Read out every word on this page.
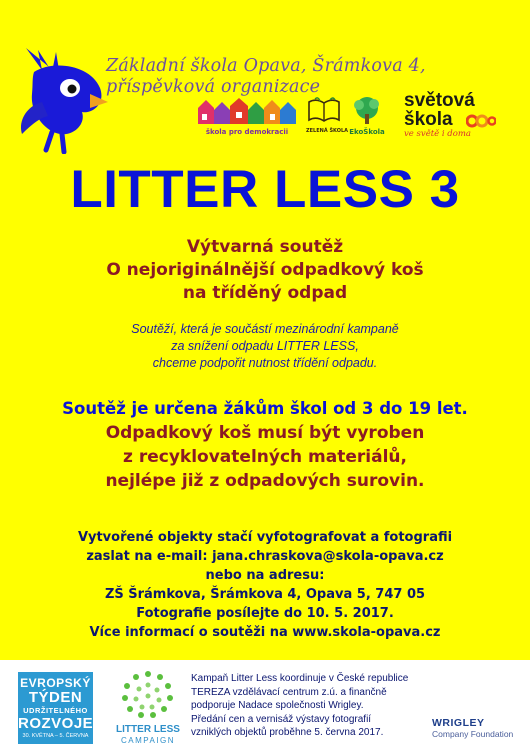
Základní škola Opava, Šrámkova 4,
příspěvková organizace
škola pro demokracii	ZELENÁ ŠKOLA EkoŠkola
světová
škola
ve světě i doma
LITTER LESS 3
Výtvarná soutěž
O nejoriginálnější odpadkový koš
na tříděný odpad
Soutěží, která je součástí mezinárodní kampaně
za snížení odpadu LITTER LESS,
chceme podpořit nutnost třídění odpadu.
Soutěž je určena žákům škol od 3 do 19 let.
Odpadkový koš musí být vyroben
z recyklovatelných materiálů,
nejlépe již z odpadových surovin.
Vytvořené objekty stačí vyfotografovat a fotografii
zaslat na e-mail: jana.chraskova@skola-opava.cz
nebo na adresu:
ZŠ Šrámkova, Šrámkova 4, Opava 5, 747 05
Fotografie posílejte do 10. 5. 2017.
Více informací o soutěži na www.skola-opava.cz
EVROPSKÝ
TÝDEN
UDRŽITELNÉHO
ROZVOJE
30. KVĚTNA – 5. ČERVNA
LITTER LESS
CAMPAIGN
Kampaň Litter Less koordinuje v České republice
TEREZA vzdělávací centrum z.ú. a finančně
podporuje Nadace společnosti Wrigley.
Předání cen a vernisáž výstavy fotografií
vzniklých objektů proběhne 5. června 2017.
WRIGLEY
Company Foundation
